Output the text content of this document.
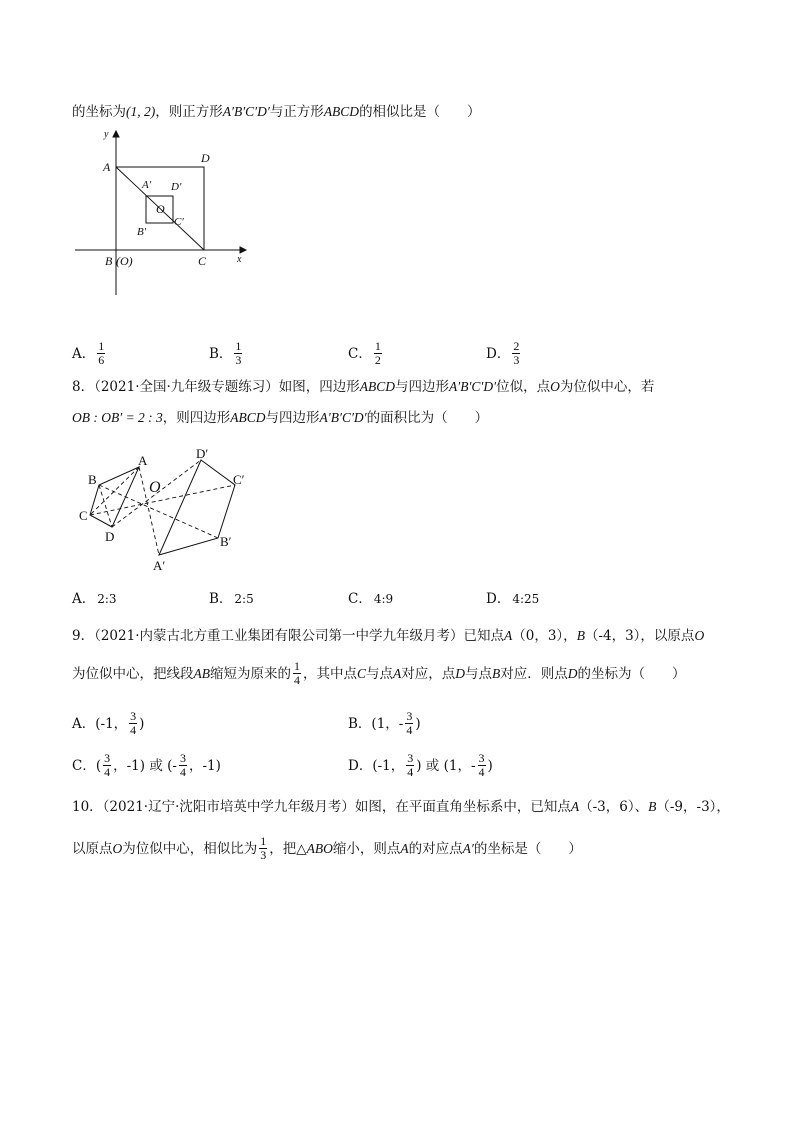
的坐标为(1, 2)，则正方形A′B′C′D′与正方形ABCD的相似比是（　　）
y
x
A
D
C
B (O)
O
A′
B′
C′
D′
A． $\frac{1}{6}$	B． $\frac{1}{3}$	C． $\frac{1}{2}$	D． $\frac{2}{3}$
8．（2021·全国·九年级专题练习）如图，四边形ABCD与四边形A′B′C′D′位似，点O为位似中心，若
OB : OB′ = 2 : 3，则四边形ABCD与四边形A′B′C′D′的面积比为（　　）
A
B
C
D
O
A′
B′
C′
D′
A． 2:3	B． 2:5	C． 4:9	D． 4:25
9．（2021·内蒙古北方重工业集团有限公司第一中学九年级月考）已知点A（0，3），B（-4，3），以原点O
为位似中心，把线段 AB 缩短为原来的 $\frac{1}{4}$ ，其中点 C 与点 A 对应，点 D 与点 B 对应．则点 D 的坐标为（　　）
A． (-1， $\frac{3}{4}$ )	B． (1，- $\frac{3}{4}$ )
C． ( $\frac{3}{4}$ ，-1) 或 (- $\frac{3}{4}$ ，-1)	D． (-1， $\frac{3}{4}$ ) 或 (1，- $\frac{3}{4}$ )
10．（2021·辽宁·沈阳市培英中学九年级月考）如图，在平面直角坐标系中，已知点A（-3，6）、B（-9，-3），
以原点 O 为位似中心，相似比为 $\frac{1}{3}$ ，把 △ABO 缩小，则点 A 的对应点 A′ 的坐标是（　　）
